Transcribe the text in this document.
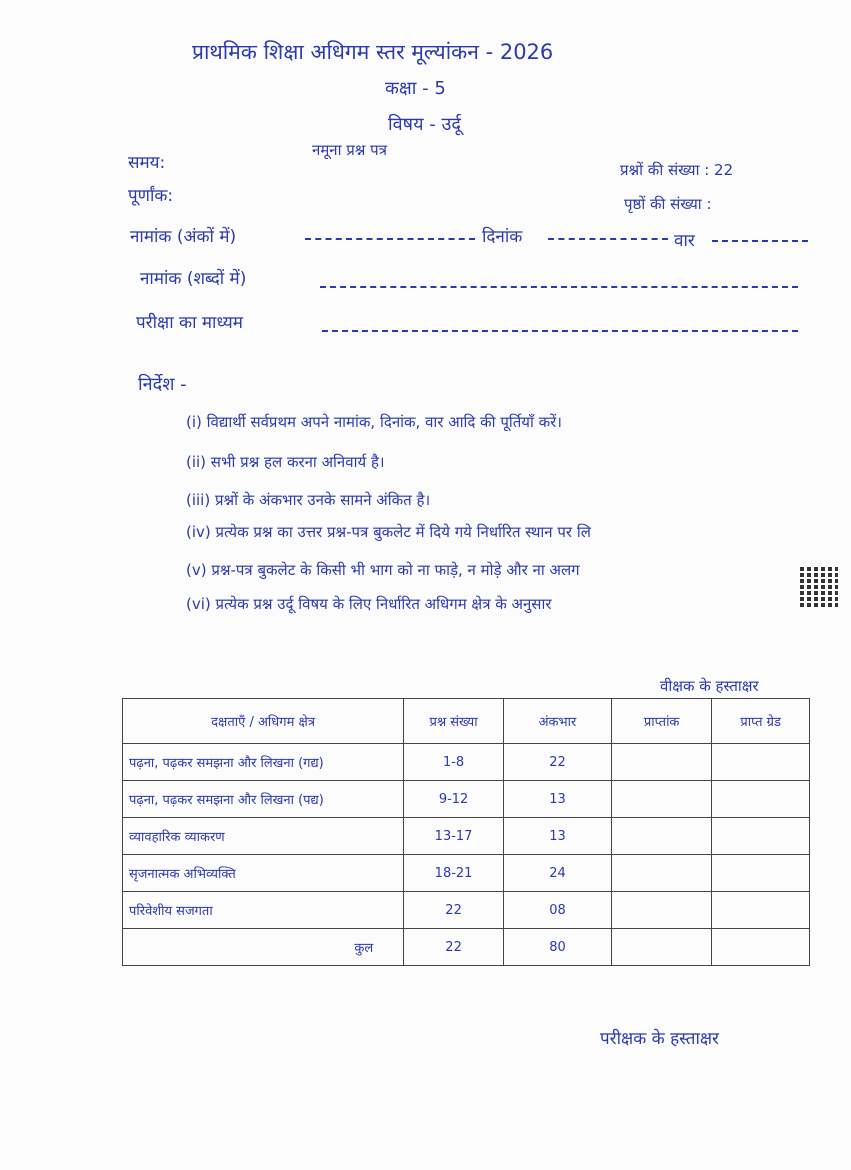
प्राथमिक शिक्षा अधिगम स्तर मूल्यांकन - 2026
कक्षा - 5
विषय - उर्दू
नमूना प्रश्न पत्र
समय:
पूर्णांक:
प्रश्नों की संख्या : 22
पृष्ठों की संख्या :
नामांक (अंकों में)	दिनांक	वार
नामांक (शब्दों में)
परीक्षा का माध्यम
निर्देश -
(i) विद्यार्थी सर्वप्रथम अपने नामांक, दिनांक, वार आदि की पूर्तियाँ करें।
(ii) सभी प्रश्न हल करना अनिवार्य है।
(iii) प्रश्नों के अंकभार उनके सामने अंकित है।
(iv) प्रत्येक प्रश्न का उत्तर प्रश्न-पत्र बुकलेट में दिये गये निर्धारित स्थान पर लि
(v) प्रश्न-पत्र बुकलेट के किसी भी भाग को ना फाड़े, न मोड़े और ना अलग
(vi) प्रत्येक प्रश्न उर्दू विषय के लिए निर्धारित अधिगम क्षेत्र के अनुसार
वीक्षक के हस्ताक्षर
दक्षताएँ / अधिगम क्षेत्र	प्रश्न संख्या	अंकभार	प्राप्तांक	प्राप्त ग्रेड
पढ़ना, पढ़कर समझना और लिखना (गद्य)	1-8	22		
पढ़ना, पढ़कर समझना और लिखना (पद्य)	9-12	13		
व्यावहारिक व्याकरण	13-17	13		
सृजनात्मक अभिव्यक्ति	18-21	24		
परिवेशीय सजगता	22	08		
कुल	22	80		
परीक्षक के हस्ताक्षर
